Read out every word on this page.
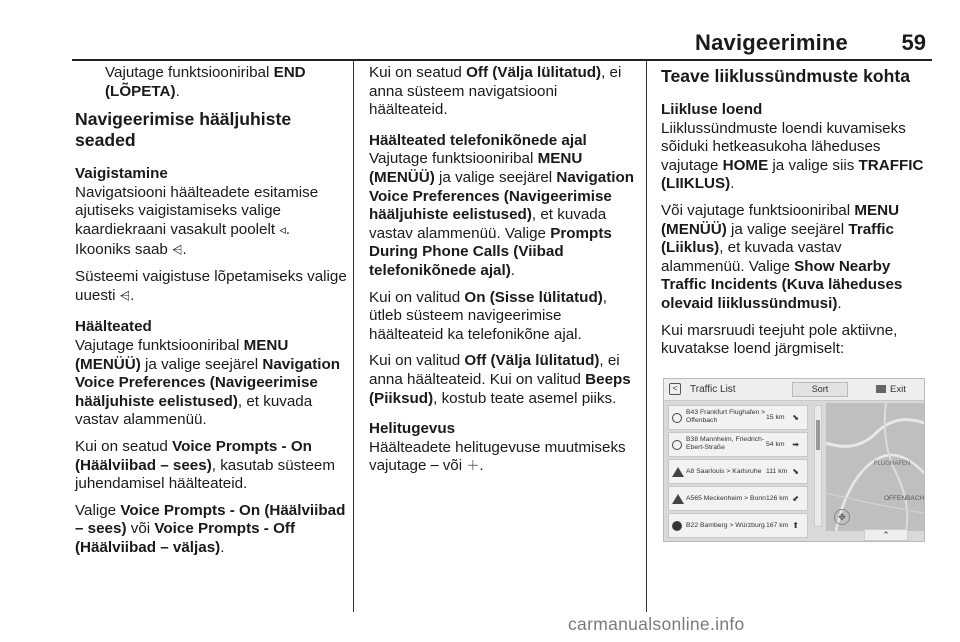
Navigeerimine 59

Vajutage funktsiooniribal END (LÕPETA).

Navigeerimise hääljuhiste seaded
Vaigistamine

Navigatsiooni häälteadete esitamise ajutiseks vaigistamiseks valige kaardiekraani vasakult poolelt ◃. Ikooniks saab ⩤.

Süsteemi vaigistuse lõpetamiseks valige uuesti ⩤.

Häälteated

Vajutage funktsiooniribal MENU (MENÜÜ) ja valige seejärel Navigation Voice Preferences (Navigeerimise hääljuhiste eelistused), et kuvada vastav alammenüü.

Kui on seatud Voice Prompts - On (Häälviibad – sees), kasutab süsteem juhendamisel häälteateid.

Valige Voice Prompts - On (Häälviibad – sees) või Voice Prompts - Off (Häälviibad – väljas).

Kui on seatud Off (Välja lülitatud), ei anna süsteem navigatsiooni häälteateid.

Häälteated telefonikõnede ajal

Vajutage funktsiooniribal MENU (MENÜÜ) ja valige seejärel Navigation Voice Preferences (Navigeerimise hääljuhiste eelistused), et kuvada vastav alammenüü. Valige Prompts During Phone Calls (Viibad telefonikõnede ajal).

Kui on valitud On (Sisse lülitatud), ütleb süsteem navigeerimise häälteateid ka telefonikõne ajal.

Kui on valitud Off (Välja lülitatud), ei anna häälteateid. Kui on valitud Beeps (Piiksud), kostub teate asemel piiks.

Helitugevus

Häälteadete helitugevuse muutmiseks vajutage ─ või ＋.

Teave liiklussündmuste kohta
Liikluse loend

Liiklussündmuste loendi kuvamiseks sõiduki hetkeasukoha läheduses vajutage HOME ja valige siis TRAFFIC (LIIKLUS).

Või vajutage funktsiooniribal MENU (MENÜÜ) ja valige seejärel Traffic (Liiklus), et kuvada vastav alammenüü. Valige Show Nearby Traffic Incidents (Kuva läheduses olevaid liiklussündmusi).

Kui marsruudi teejuht pole aktiivne, kuvatakse loend järgmiselt:

<	Traffic List	Sort	Exit
B43 Frankfurt Flughafen > Offenbach	15 km ⬊
B38 Mannheim, Friedrich-Ebert-Straße	54 km ➡
A8 Saarlouis > Karlsruhe 111 km ⬊
A565 Meckenheim > Bonn 126 km ⬋
B22 Bamberg > Würzburg 167 km ⬆
FLUGHAFEN
OFFENBACH
✥
⌃
carmanualsonline.info
